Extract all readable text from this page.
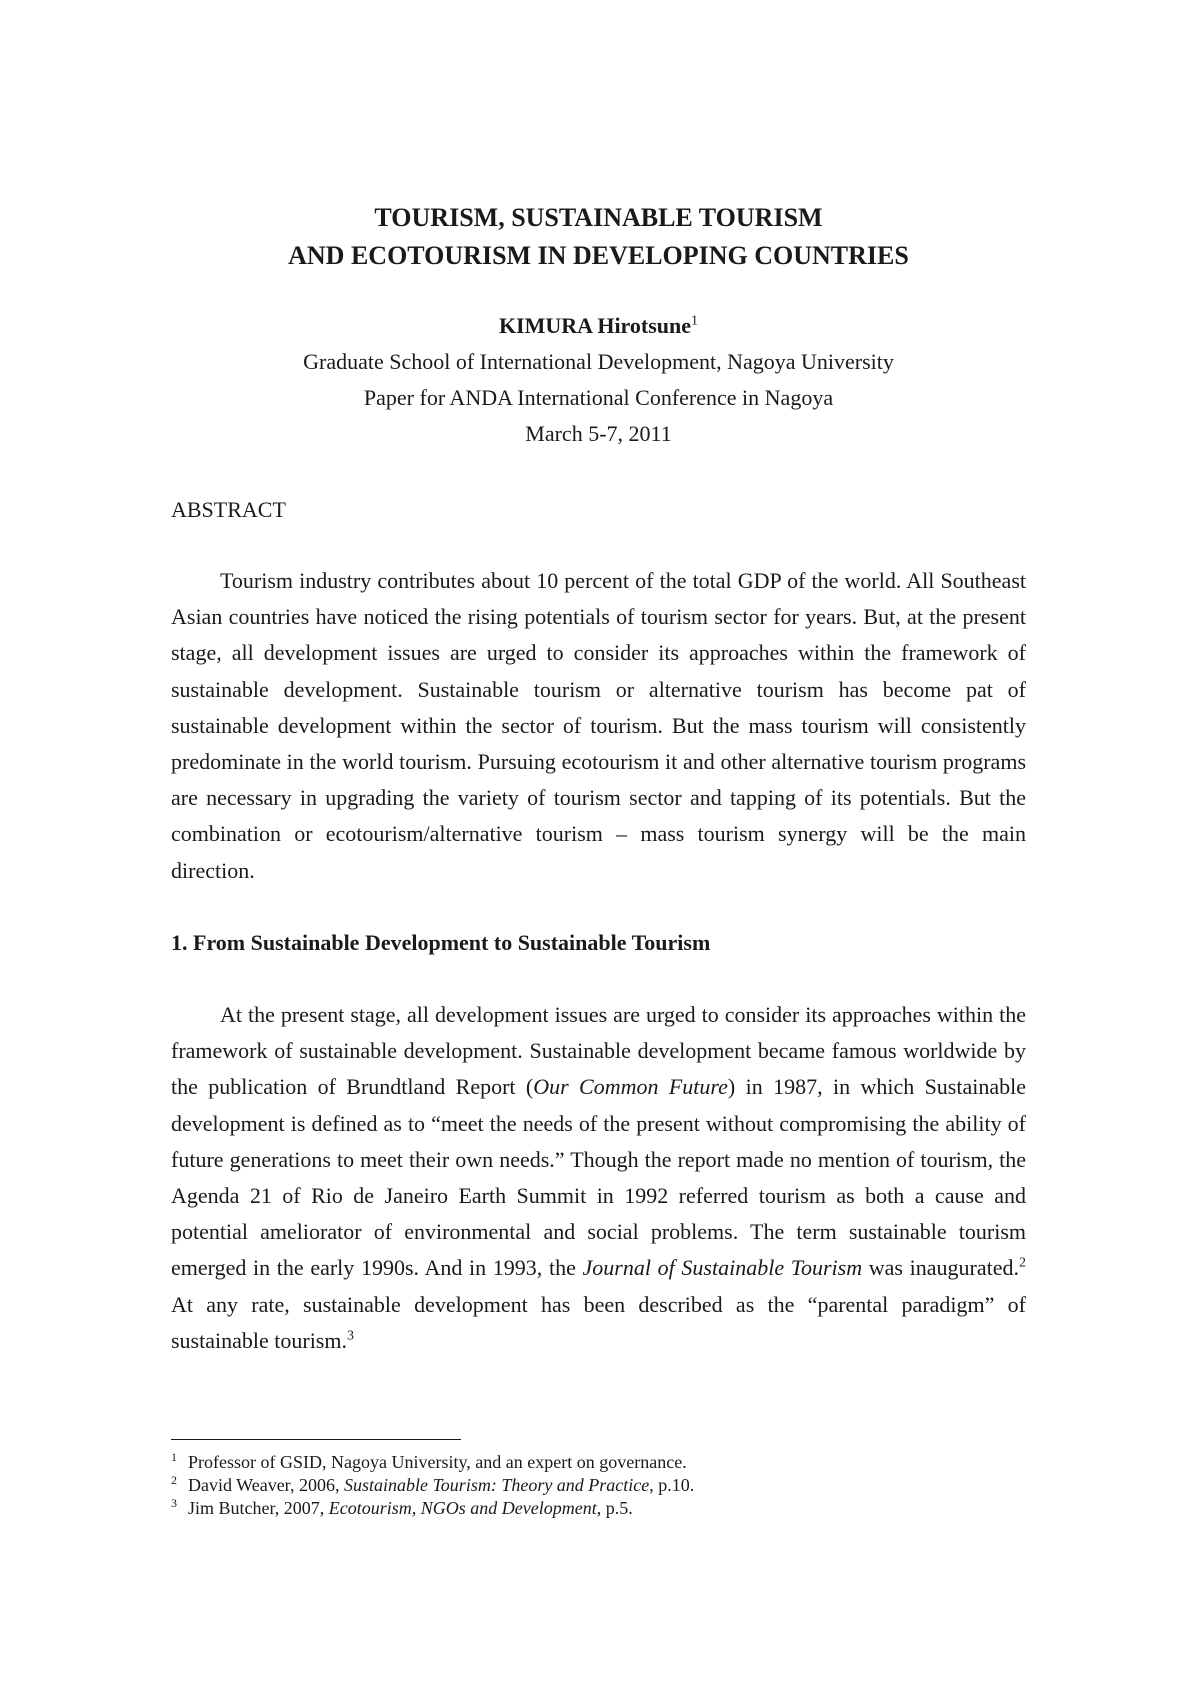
TOURISM, SUSTAINABLE TOURISM
AND ECOTOURISM IN DEVELOPING COUNTRIES
KIMURA Hirotsune$^1$
Graduate School of International Development, Nagoya University
Paper for ANDA International Conference in Nagoya
March 5-7, 2011
ABSTRACT

Tourism industry contributes about 10 percent of the total GDP of the world. All Southeast Asian countries have noticed the rising potentials of tourism sector for years. But, at the present stage, all development issues are urged to consider its approaches within the framework of sustainable development. Sustainable tourism or alternative tourism has become pat of sustainable development within the sector of tourism. But the mass tourism will consistently predominate in the world tourism. Pursuing ecotourism it and other alternative tourism programs are necessary in upgrading the variety of tourism sector and tapping of its potentials. But the combination or ecotourism/alternative tourism – mass tourism synergy will be the main direction.

1. From Sustainable Development to Sustainable Tourism

At the present stage, all development issues are urged to consider its approaches within the framework of sustainable development. Sustainable development became famous worldwide by the publication of Brundtland Report (Our Common Future) in 1987, in which Sustainable development is defined as to “meet the needs of the present without compromising the ability of future generations to meet their own needs.” Though the report made no mention of tourism, the Agenda 21 of Rio de Janeiro Earth Summit in 1992 referred tourism as both a cause and potential ameliorator of environmental and social problems. The term sustainable tourism emerged in the early 1990s. And in 1993, the Journal of Sustainable Tourism was inaugurated.$^2$ At any rate, sustainable development has been described as the “parental paradigm” of sustainable tourism.$^3$

1 Professor of GSID, Nagoya University, and an expert on governance.
2 David Weaver, 2006, Sustainable Tourism: Theory and Practice, p.10.
3 Jim Butcher, 2007, Ecotourism, NGOs and Development, p.5.
